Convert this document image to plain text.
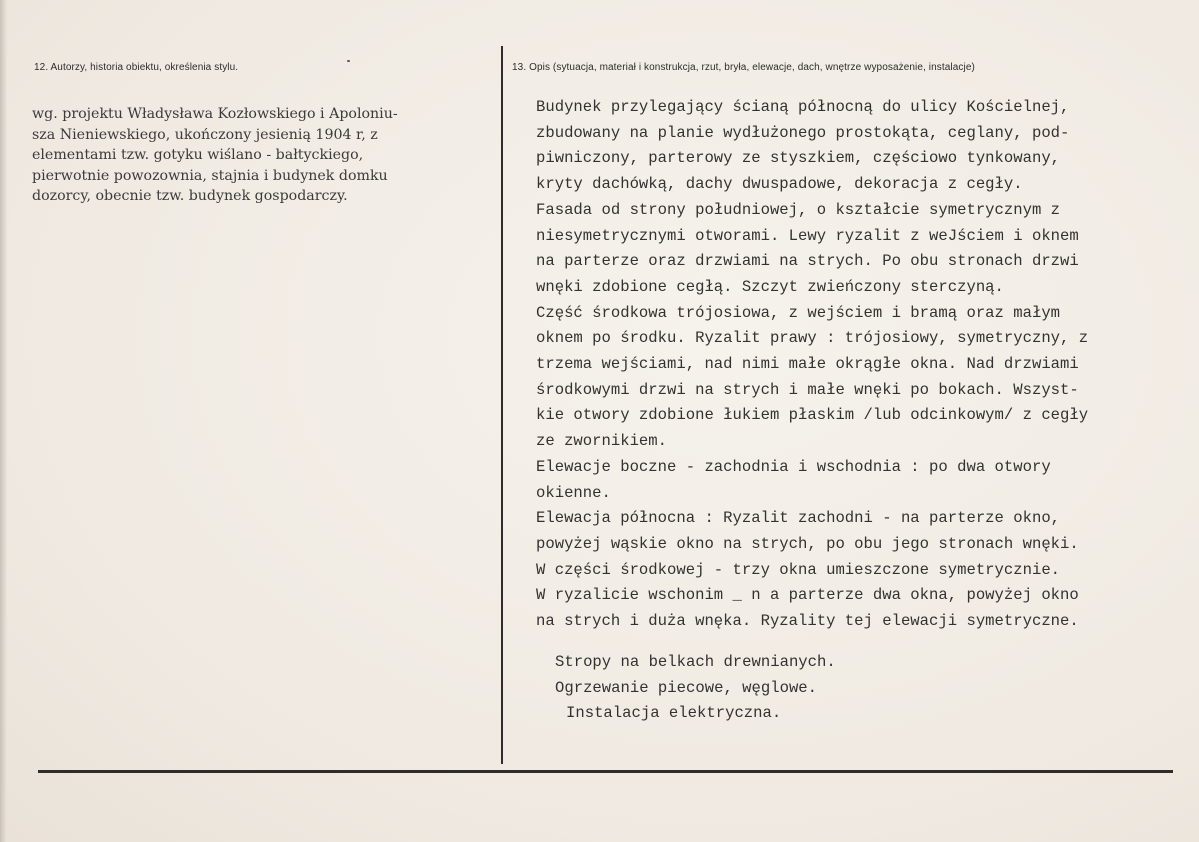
12. Autorzy, historia obiektu, określenia stylu.	13. Opis (sytuacja, materiał i konstrukcja, rzut, bryła, elewacje, dach, wnętrze wyposażenie, instalacje)
wg. projektu Władysława Kozłowskiego i Apoloniu-
sza Nieniewskiego, ukończony jesienią 1904 r, z
elementami tzw. gotyku wiślano - bałtyckiego,
pierwotnie powozownia, stajnia i budynek domku
dozorcy, obecnie tzw. budynek gospodarczy.
Budynek przylegający ścianą północną do ulicy Kościelnej,
zbudowany na planie wydłużonego prostokąta, ceglany, pod-
piwniczony, parterowy ze styszkiem, częściowo tynkowany,
kryty dachówką, dachy dwuspadowe, dekoracja z cegły.
Fasada od strony południowej, o kształcie symetrycznym z
niesymetrycznymi otworami. Lewy ryzalit z weJściem i oknem
na parterze oraz drzwiami na strych. Po obu stronach drzwi
wnęki zdobione cegłą. Szczyt zwieńczony sterczyną.
Część środkowa trójosiowa, z wejściem i bramą oraz małym
oknem po środku. Ryzalit prawy : trójosiowy, symetryczny, z
trzema wejściami, nad nimi małe okrągłe okna. Nad drzwiami
środkowymi drzwi na strych i małe wnęki po bokach. Wszyst-
kie otwory zdobione łukiem płaskim /lub odcinkowym/ z cegły
ze zwornikiem.
Elewacje boczne - zachodnia i wschodnia : po dwa otwory
okienne.
Elewacja północna : Ryzalit zachodni - na parterze okno,
powyżej wąskie okno na strych, po obu jego stronach wnęki.
W części środkowej - trzy okna umieszczone symetrycznie.
W ryzalicie wschonim _ n a parterze dwa okna, powyżej okno
na strych i duża wnęka. Ryzality tej elewacji symetryczne.
Stropy na belkach drewnianych.
Ogrzewanie piecowe, węglowe.
Instalacja elektryczna.
